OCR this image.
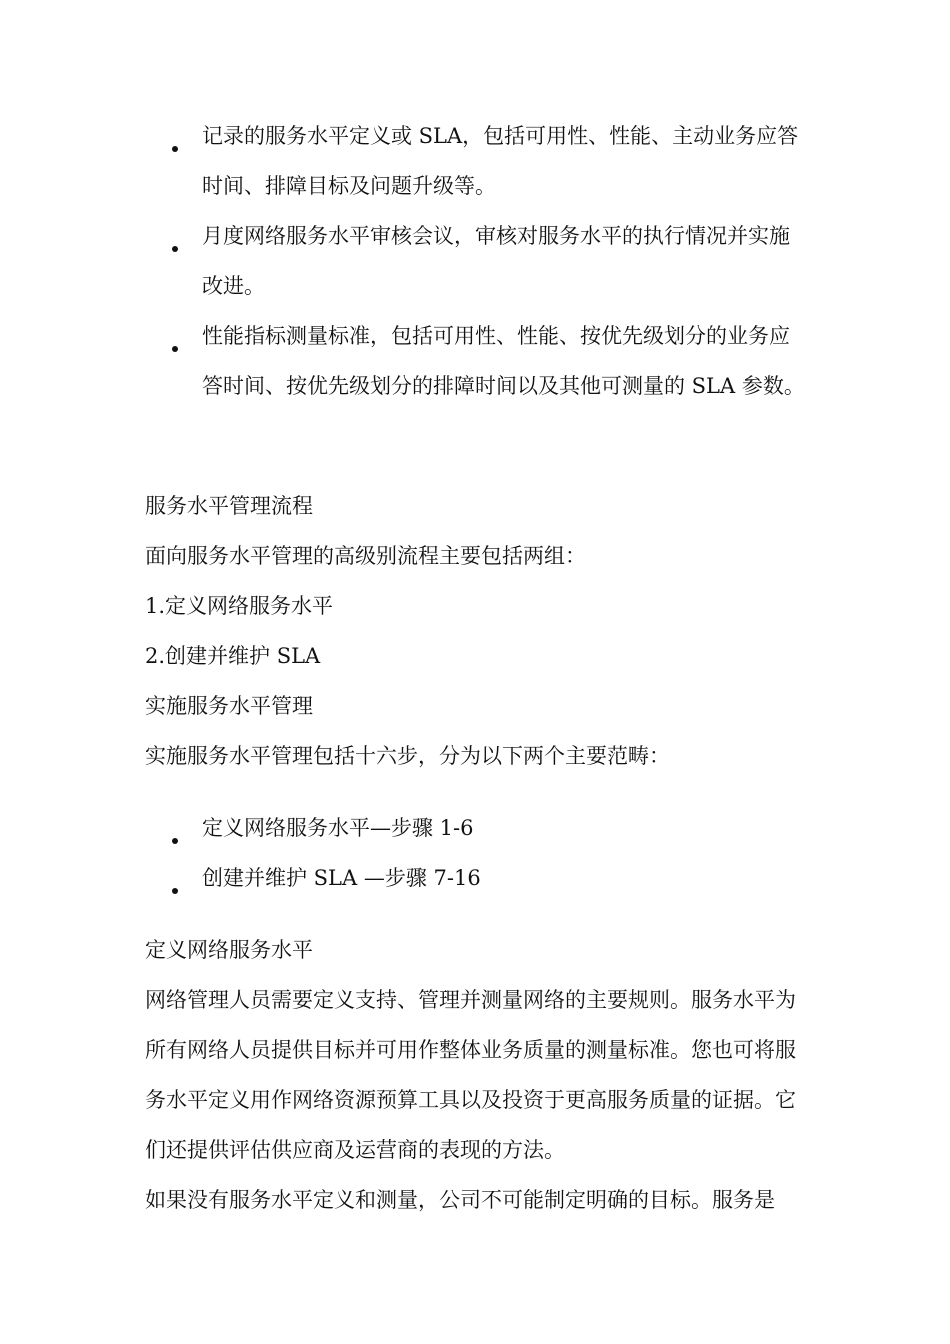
记录的服务水平定义或 SLA，包括可用性、性能、主动业务应答时间、排障目标及问题升级等。
月度网络服务水平审核会议，审核对服务水平的执行情况并实施改进。
性能指标测量标准，包括可用性、性能、按优先级划分的业务应答时间、按优先级划分的排障时间以及其他可测量的 SLA 参数。

服务水平管理流程

面向服务水平管理的高级别流程主要包括两组：

1.定义网络服务水平

2.创建并维护 SLA

实施服务水平管理

实施服务水平管理包括十六步，分为以下两个主要范畴：

定义网络服务水平—步骤 1-6
创建并维护 SLA —步骤 7-16

定义网络服务水平

网络管理人员需要定义支持、管理并测量网络的主要规则。服务水平为所有网络人员提供目标并可用作整体业务质量的测量标准。您也可将服务水平定义用作网络资源预算工具以及投资于更高服务质量的证据。它们还提供评估供应商及运营商的表现的方法。

如果没有服务水平定义和测量，公司不可能制定明确的目标。服务是
